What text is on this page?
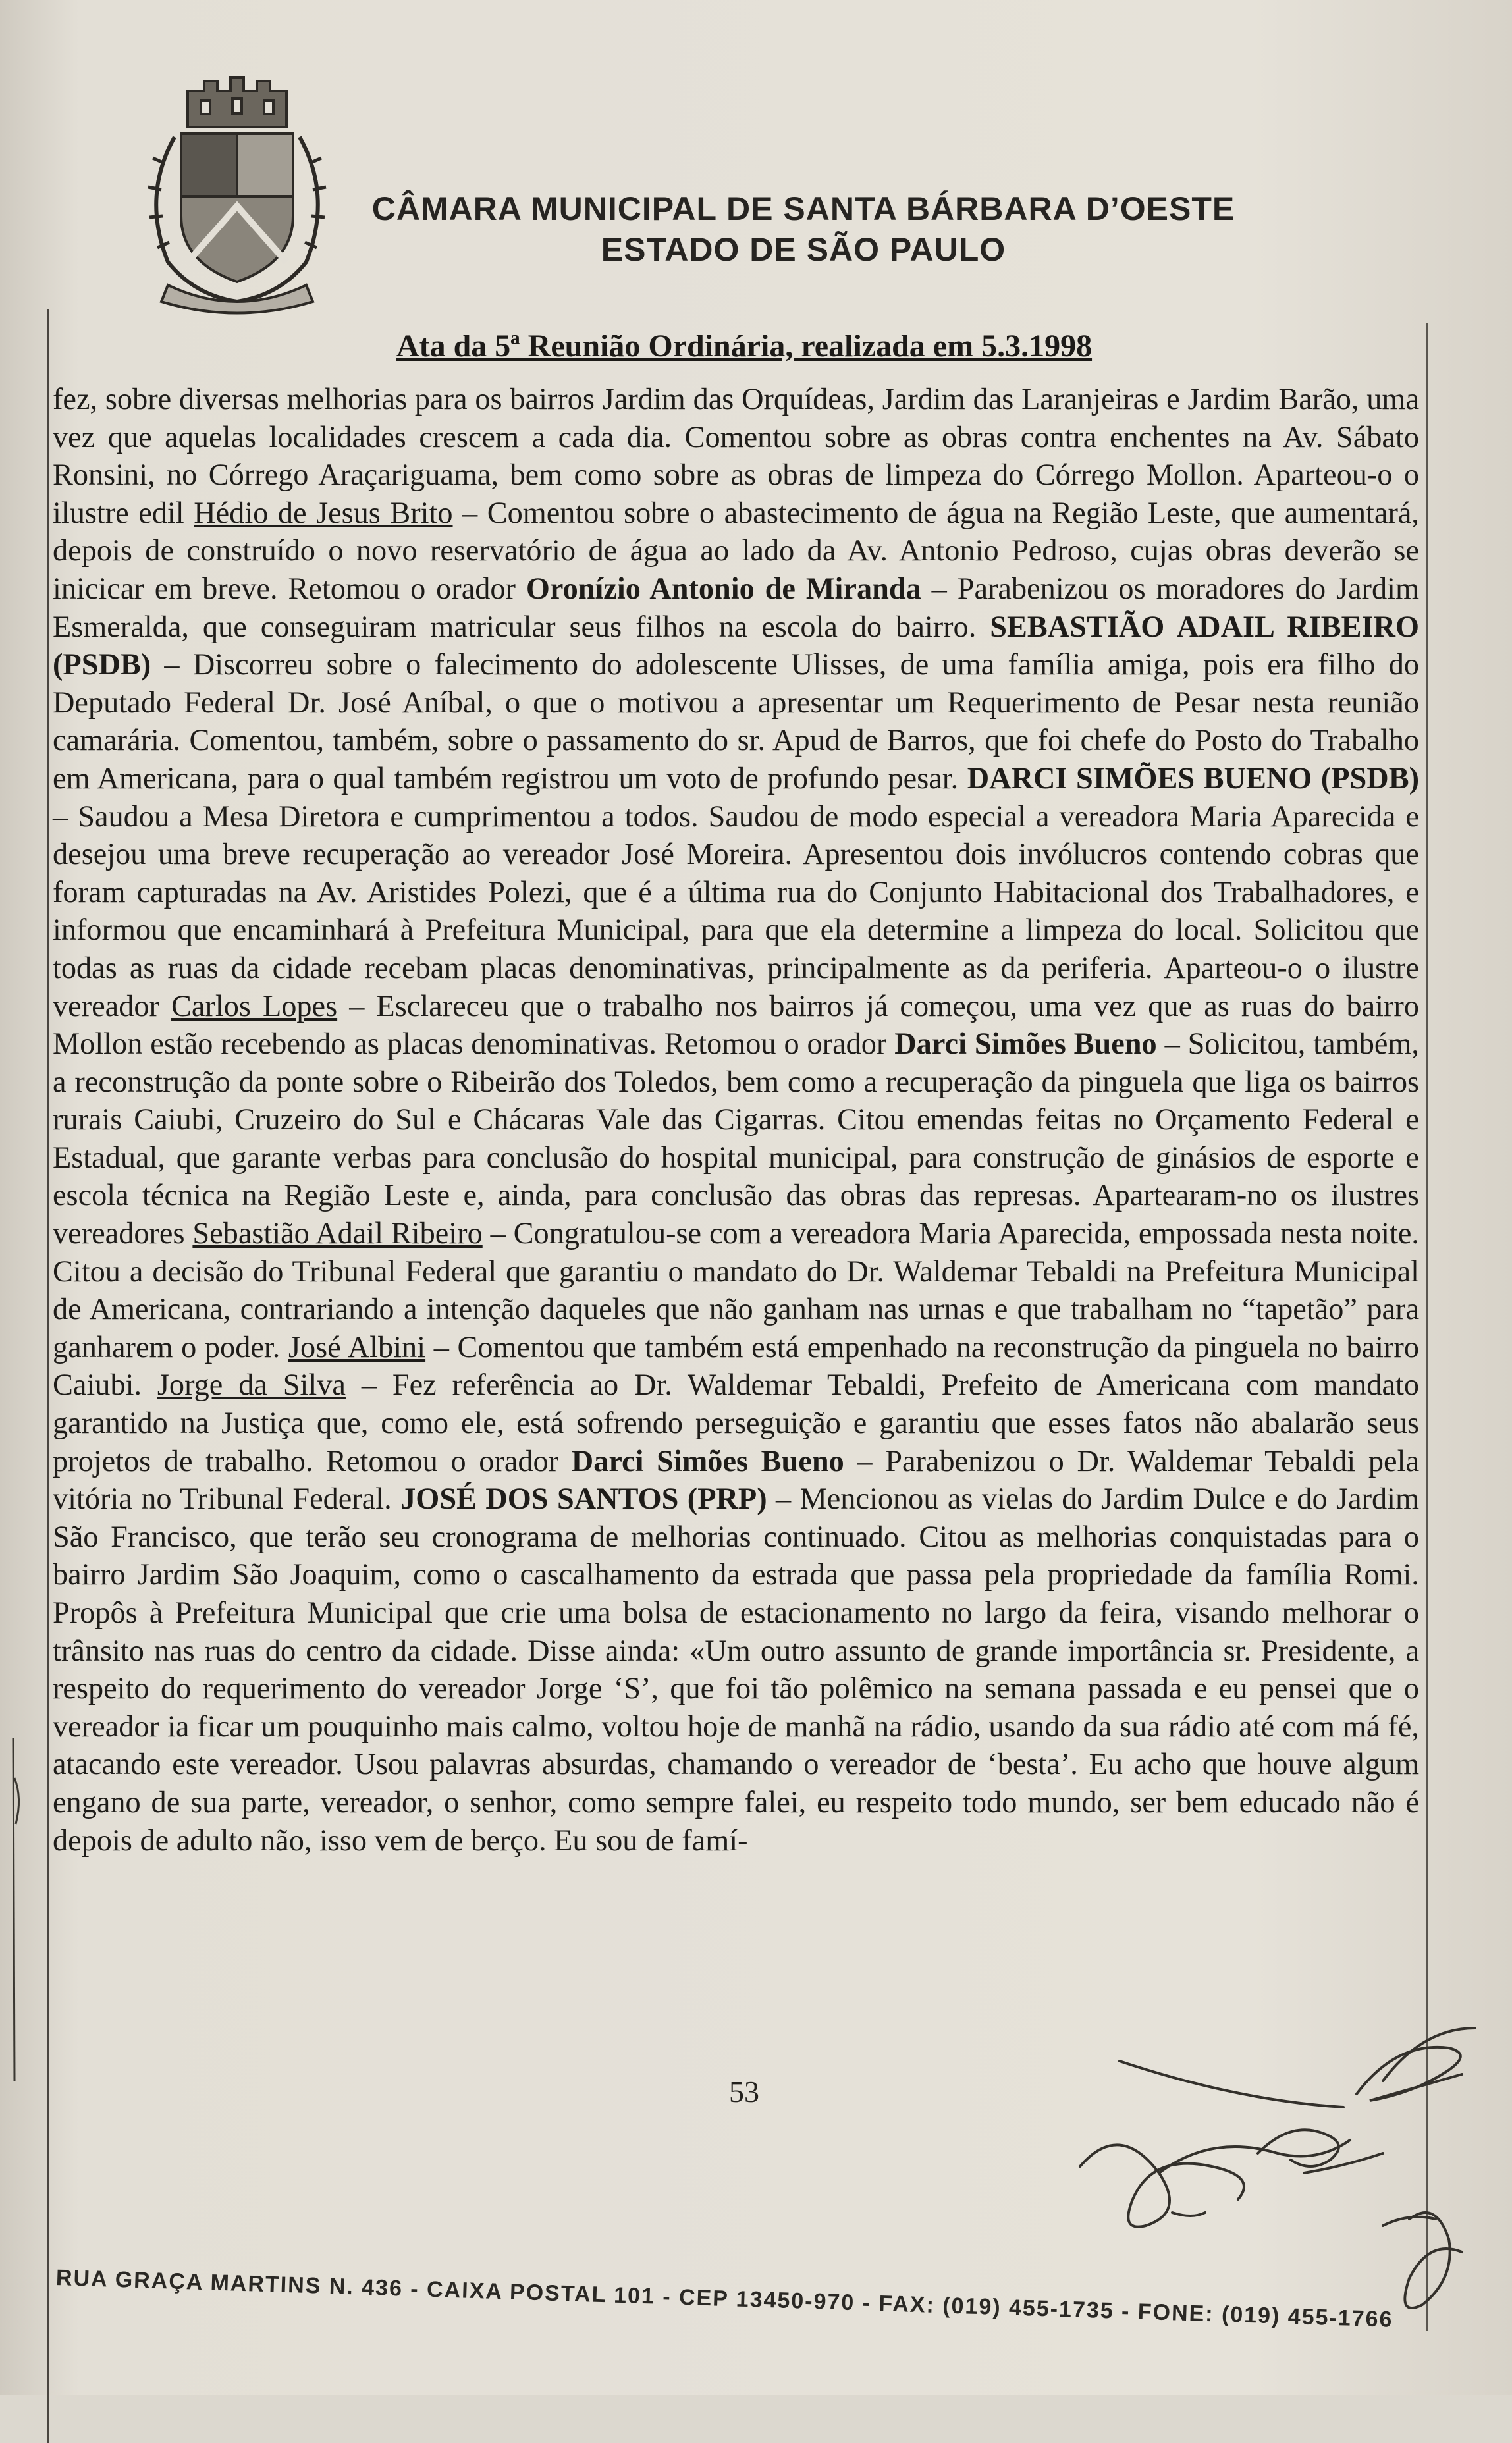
CÂMARA MUNICIPAL DE SANTA BÁRBARA D’OESTE
ESTADO DE SÃO PAULO
Ata da 5ª Reunião Ordinária, realizada em 5.3.1998

fez, sobre diversas melhorias para os bairros Jardim das Orquídeas, Jardim das Laranjeiras e Jardim Barão, uma vez que aquelas localidades crescem a cada dia. Comentou sobre as obras contra enchentes na Av. Sábato Ronsini, no Córrego Araçariguama, bem como sobre as obras de limpeza do Córrego Mollon. Aparteou-o o ilustre edil Hédio de Jesus Brito – Comentou sobre o abastecimento de água na Região Leste, que aumentará, depois de construído o novo reservatório de água ao lado da Av. Antonio Pedroso, cujas obras deverão se inicicar em breve. Retomou o orador Oronízio Antonio de Miranda – Parabenizou os moradores do Jardim Esmeralda, que conseguiram matricular seus filhos na escola do bairro. SEBASTIÃO ADAIL RIBEIRO (PSDB) – Discorreu sobre o falecimento do adolescente Ulisses, de uma família amiga, pois era filho do Deputado Federal Dr. José Aníbal, o que o motivou a apresentar um Requerimento de Pesar nesta reunião camarária. Comentou, também, sobre o passamento do sr. Apud de Barros, que foi chefe do Posto do Trabalho em Americana, para o qual também registrou um voto de profundo pesar. DARCI SIMÕES BUENO (PSDB) – Saudou a Mesa Diretora e cumprimentou a todos. Saudou de modo especial a vereadora Maria Aparecida e desejou uma breve recuperação ao vereador José Moreira. Apresentou dois invólucros contendo cobras que foram capturadas na Av. Aristides Polezi, que é a última rua do Conjunto Habitacional dos Trabalhadores, e informou que encaminhará à Prefeitura Municipal, para que ela determine a limpeza do local. Solicitou que todas as ruas da cidade recebam placas denominativas, principalmente as da periferia. Aparteou-o o ilustre vereador Carlos Lopes – Esclareceu que o trabalho nos bairros já começou, uma vez que as ruas do bairro Mollon estão recebendo as placas denominativas. Retomou o orador Darci Simões Bueno – Solicitou, também, a reconstrução da ponte sobre o Ribeirão dos Toledos, bem como a recuperação da pinguela que liga os bairros rurais Caiubi, Cruzeiro do Sul e Chácaras Vale das Cigarras. Citou emendas feitas no Orçamento Federal e Estadual, que garante verbas para conclusão do hospital municipal, para construção de ginásios de esporte e escola técnica na Região Leste e, ainda, para conclusão das obras das represas. Apartearam-no os ilustres vereadores Sebastião Adail Ribeiro – Congratulou-se com a vereadora Maria Aparecida, empossada nesta noite. Citou a decisão do Tribunal Federal que garantiu o mandato do Dr. Waldemar Tebaldi na Prefeitura Municipal de Americana, contrariando a intenção daqueles que não ganham nas urnas e que trabalham no “tapetão” para ganharem o poder. José Albini – Comentou que também está empenhado na reconstrução da pinguela no bairro Caiubi. Jorge da Silva – Fez referência ao Dr. Waldemar Tebaldi, Prefeito de Americana com mandato garantido na Justiça que, como ele, está sofrendo perseguição e garantiu que esses fatos não abalarão seus projetos de trabalho. Retomou o orador Darci Simões Bueno – Parabenizou o Dr. Waldemar Tebaldi pela vitória no Tribunal Federal. JOSÉ DOS SANTOS (PRP) – Mencionou as vielas do Jardim Dulce e do Jardim São Francisco, que terão seu cronograma de melhorias continuado. Citou as melhorias conquistadas para o bairro Jardim São Joaquim, como o cascalhamento da estrada que passa pela propriedade da família Romi. Propôs à Prefeitura Municipal que crie uma bolsa de estacionamento no largo da feira, visando melhorar o trânsito nas ruas do centro da cidade. Disse ainda: «Um outro assunto de grande importância sr. Presidente, a respeito do requerimento do vereador Jorge ‘S’, que foi tão polêmico na semana passada e eu pensei que o vereador ia ficar um pouquinho mais calmo, voltou hoje de manhã na rádio, usando da sua rádio até com má fé, atacando este vereador. Usou palavras absurdas, chamando o vereador de ‘besta’. Eu acho que houve algum engano de sua parte, vereador, o senhor, como sempre falei, eu respeito todo mundo, ser bem educado não é depois de adulto não, isso vem de berço. Eu sou de famí-

53
RUA GRAÇA MARTINS N. 436 - CAIXA POSTAL 101 - CEP 13450-970 - FAX: (019) 455-1735 - FONE: (019) 455-1766
